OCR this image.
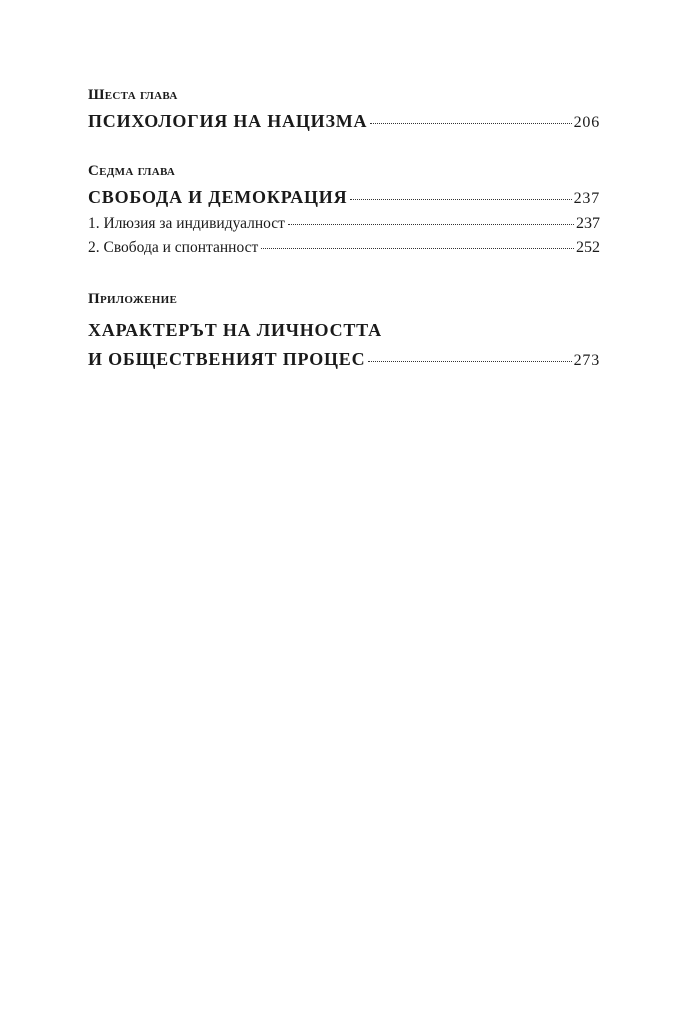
Шеста глава
ПСИХОЛОГИЯ НА НАЦИЗМА	206
Седма глава
СВОБОДА И ДЕМОКРАЦИЯ	237
1. Илюзия за индивидуалност	237
2. Свобода и спонтанност	252
Приложение
ХАРАКТЕРЪТ НА ЛИЧНОСТТА
И ОБЩЕСТВЕНИЯТ ПРОЦЕС	273
